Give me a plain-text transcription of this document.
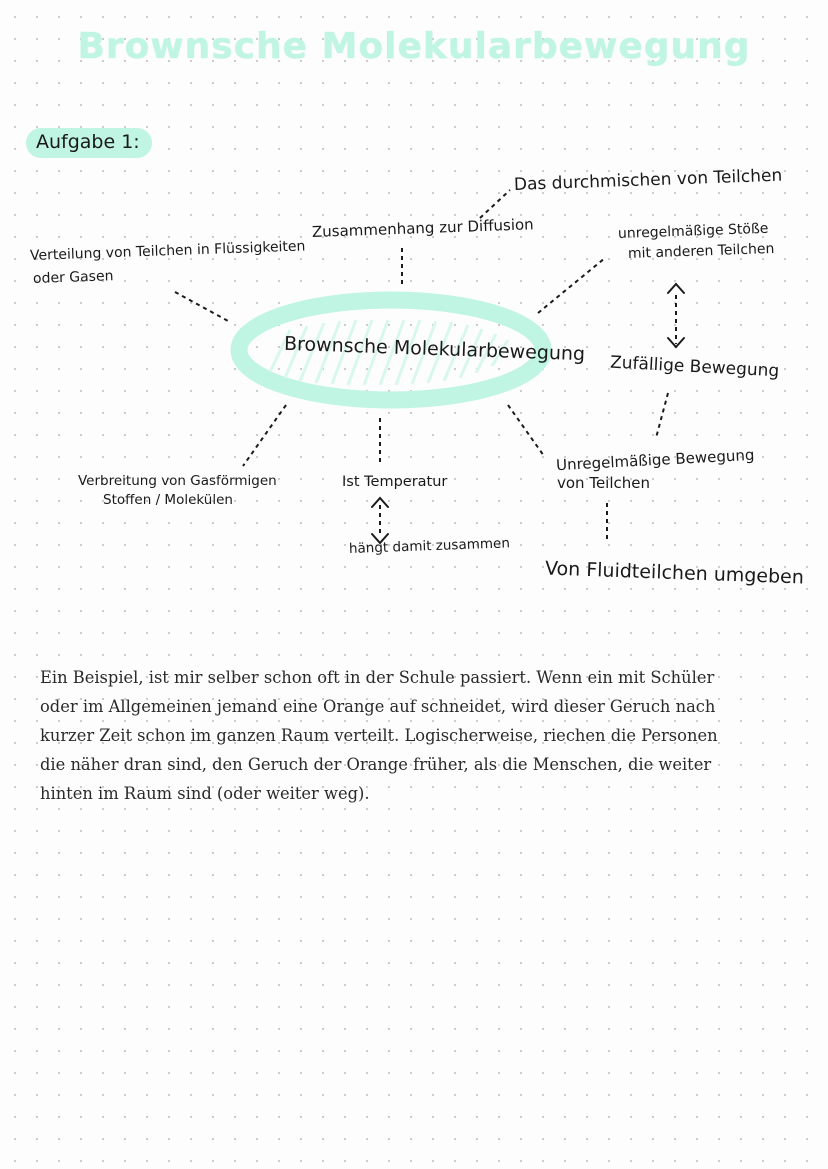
Brownsche Molekularbewegung
Aufgabe 1:
Brownsche Molekularbewegung
Das durchmischen von Teilchen
Zusammenhang zur Diffusion
Verteilung von Teilchen in Flüssigkeiten
oder Gasen
unregelmäßige Stöße
mit anderen Teilchen
Zufällige Bewegung
Unregelmäßige Bewegung
von Teilchen
Von Fluidteilchen umgeben
Verbreitung von Gasförmigen
Stoffen / Molekülen
Ist Temperatur
hängt damit zusammen
Ein Beispiel, ist mir selber schon oft in der Schule passiert. Wenn ein mit Schüler oder im Allgemeinen jemand eine Orange auf schneidet, wird dieser Geruch nach kurzer Zeit schon im ganzen Raum verteilt. Logischerweise, riechen die Personen die näher dran sind, den Geruch der Orange früher, als die Menschen, die weiter hinten im Raum sind (oder weiter weg).
